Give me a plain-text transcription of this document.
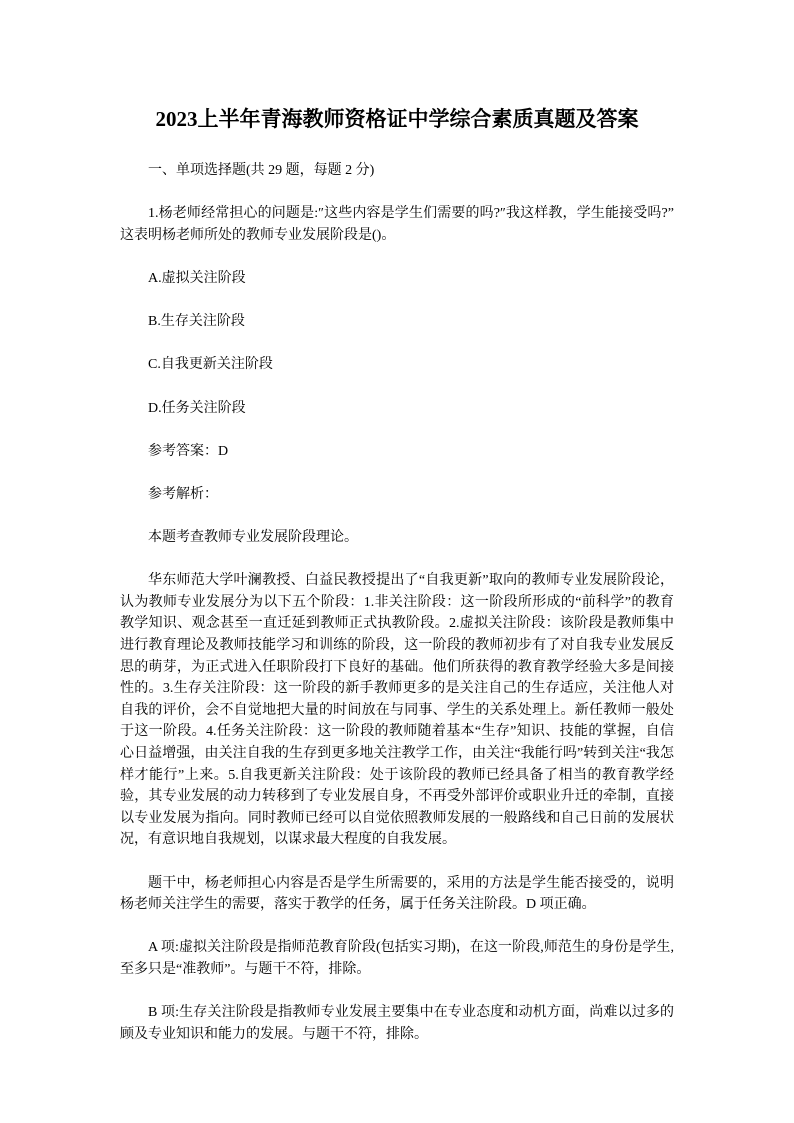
2023上半年青海教师资格证中学综合素质真题及答案

一、单项选择题(共 29 题，每题 2 分)

1.杨老师经常担心的问题是:″这些内容是学生们需要的吗?″我这样教，学生能接受吗?” 这表明杨老师所处的教师专业发展阶段是()。

A.虚拟关注阶段

B.生存关注阶段

C.自我更新关注阶段

D.任务关注阶段

参考答案：D

参考解析：

本题考查教师专业发展阶段理论。

华东师范大学叶澜教授、白益民教授提出了“自我更新”取向的教师专业发展阶段论，认为教师专业发展分为以下五个阶段：1.非关注阶段：这一阶段所形成的“前科学”的教育教学知识、观念甚至一直迁延到教师正式执教阶段。2.虚拟关注阶段：该阶段是教师集中进行教育理论及教师技能学习和训练的阶段，这一阶段的教师初步有了对自我专业发展反思的萌芽，为正式进入任职阶段打下良好的基础。他们所获得的教育教学经验大多是间接性的。3.生存关注阶段：这一阶段的新手教师更多的是关注自己的生存适应，关注他人对自我的评价，会不自觉地把大量的时间放在与同事、学生的关系处理上。新任教师一般处于这一阶段。4.任务关注阶段：这一阶段的教师随着基本“生存”知识、技能的掌握，自信心日益增强，由关注自我的生存到更多地关注教学工作，由关注“我能行吗”转到关注“我怎样才能行”上来。5.自我更新关注阶段：处于该阶段的教师已经具备了相当的教育教学经验，其专业发展的动力转移到了专业发展自身，不再受外部评价或职业升迁的牵制，直接以专业发展为指向。同时教师已经可以自觉依照教师发展的一般路线和自己日前的发展状况，有意识地自我规划，以谋求最大程度的自我发展。

题干中，杨老师担心内容是否是学生所需要的，采用的方法是学生能否接受的，说明杨老师关注学生的需要，落实于教学的任务，属于任务关注阶段。D 项正确。

A 项:虚拟关注阶段是指师范教育阶段(包括实习期)，在这一阶段,师范生的身份是学生,至多只是“准教师”。与题干不符，排除。

B 项:生存关注阶段是指教师专业发展主要集中在专业态度和动机方面，尚难以过多的顾及专业知识和能力的发展。与题干不符，排除。
